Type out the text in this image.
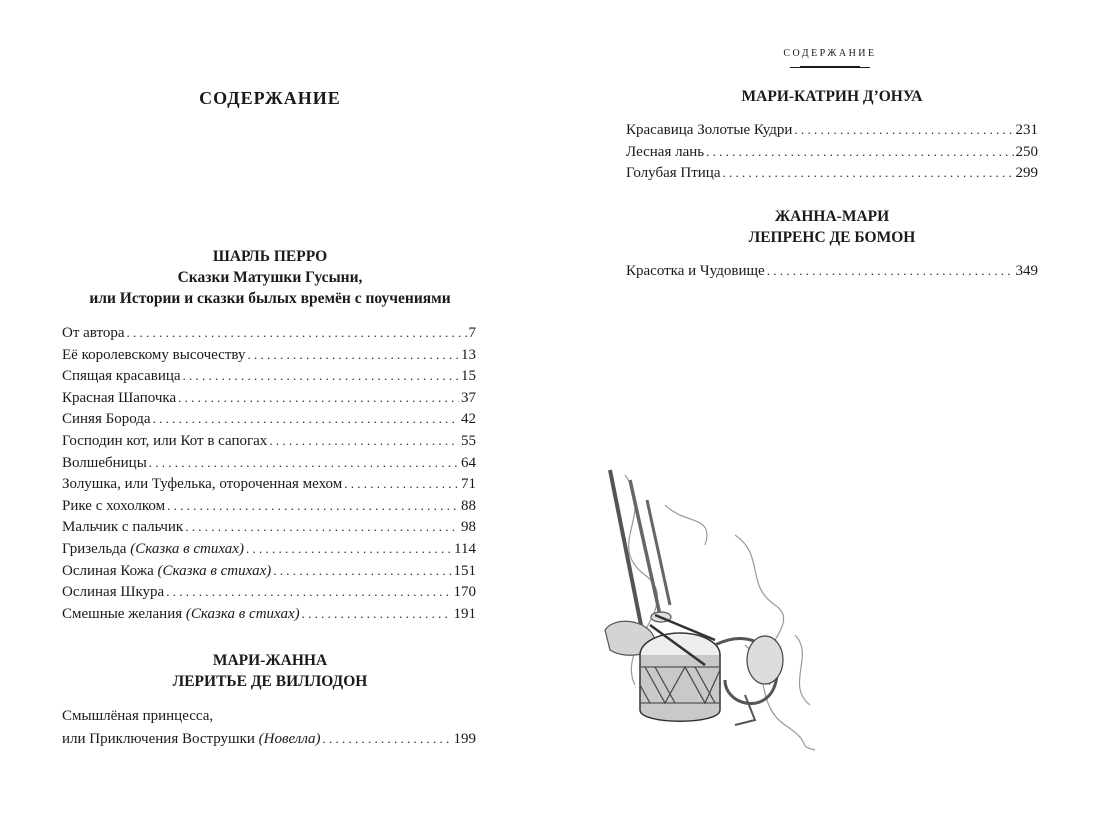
СОДЕРЖАНИЕ
ШАРЛЬ ПЕРРО
Сказки Матушки Гусыни,
или Истории и сказки былых времён с поучениями
От автора . . .	7
Её королевскому высочеству . . .	13
Спящая красавица . . .	15
Красная Шапочка . . .	37
Синяя Борода . . .	42
Господин кот, или Кот в сапогах . . .	55
Волшебницы . . .	64
Золушка, или Туфелька, отороченная мехом . . .	71
Рике с хохолком . . .	88
Мальчик с пальчик . . .	98
Гризельда (Сказка в стихах) . . .	114
Ослиная Кожа (Сказка в стихах) . . .	151
Ослиная Шкура . . .	170
Смешные желания (Сказка в стихах) . . .	191
МАРИ-ЖАННА
ЛЕРИТЬЕ ДЕ ВИЛЛОДОН
Смышлёная принцесса,
или Приключения Вострушки (Новелла) . . .	199
СОДЕРЖАНИЕ
МАРИ-КАТРИН Д’ОНУА
Красавица Золотые Кудри . . .	231
Лесная лань . . .	250
Голубая Птица . . .	299
ЖАННА-МАРИ
ЛЕПРЕНС ДЕ БОМОН
Красотка и Чудовище . . .	349
